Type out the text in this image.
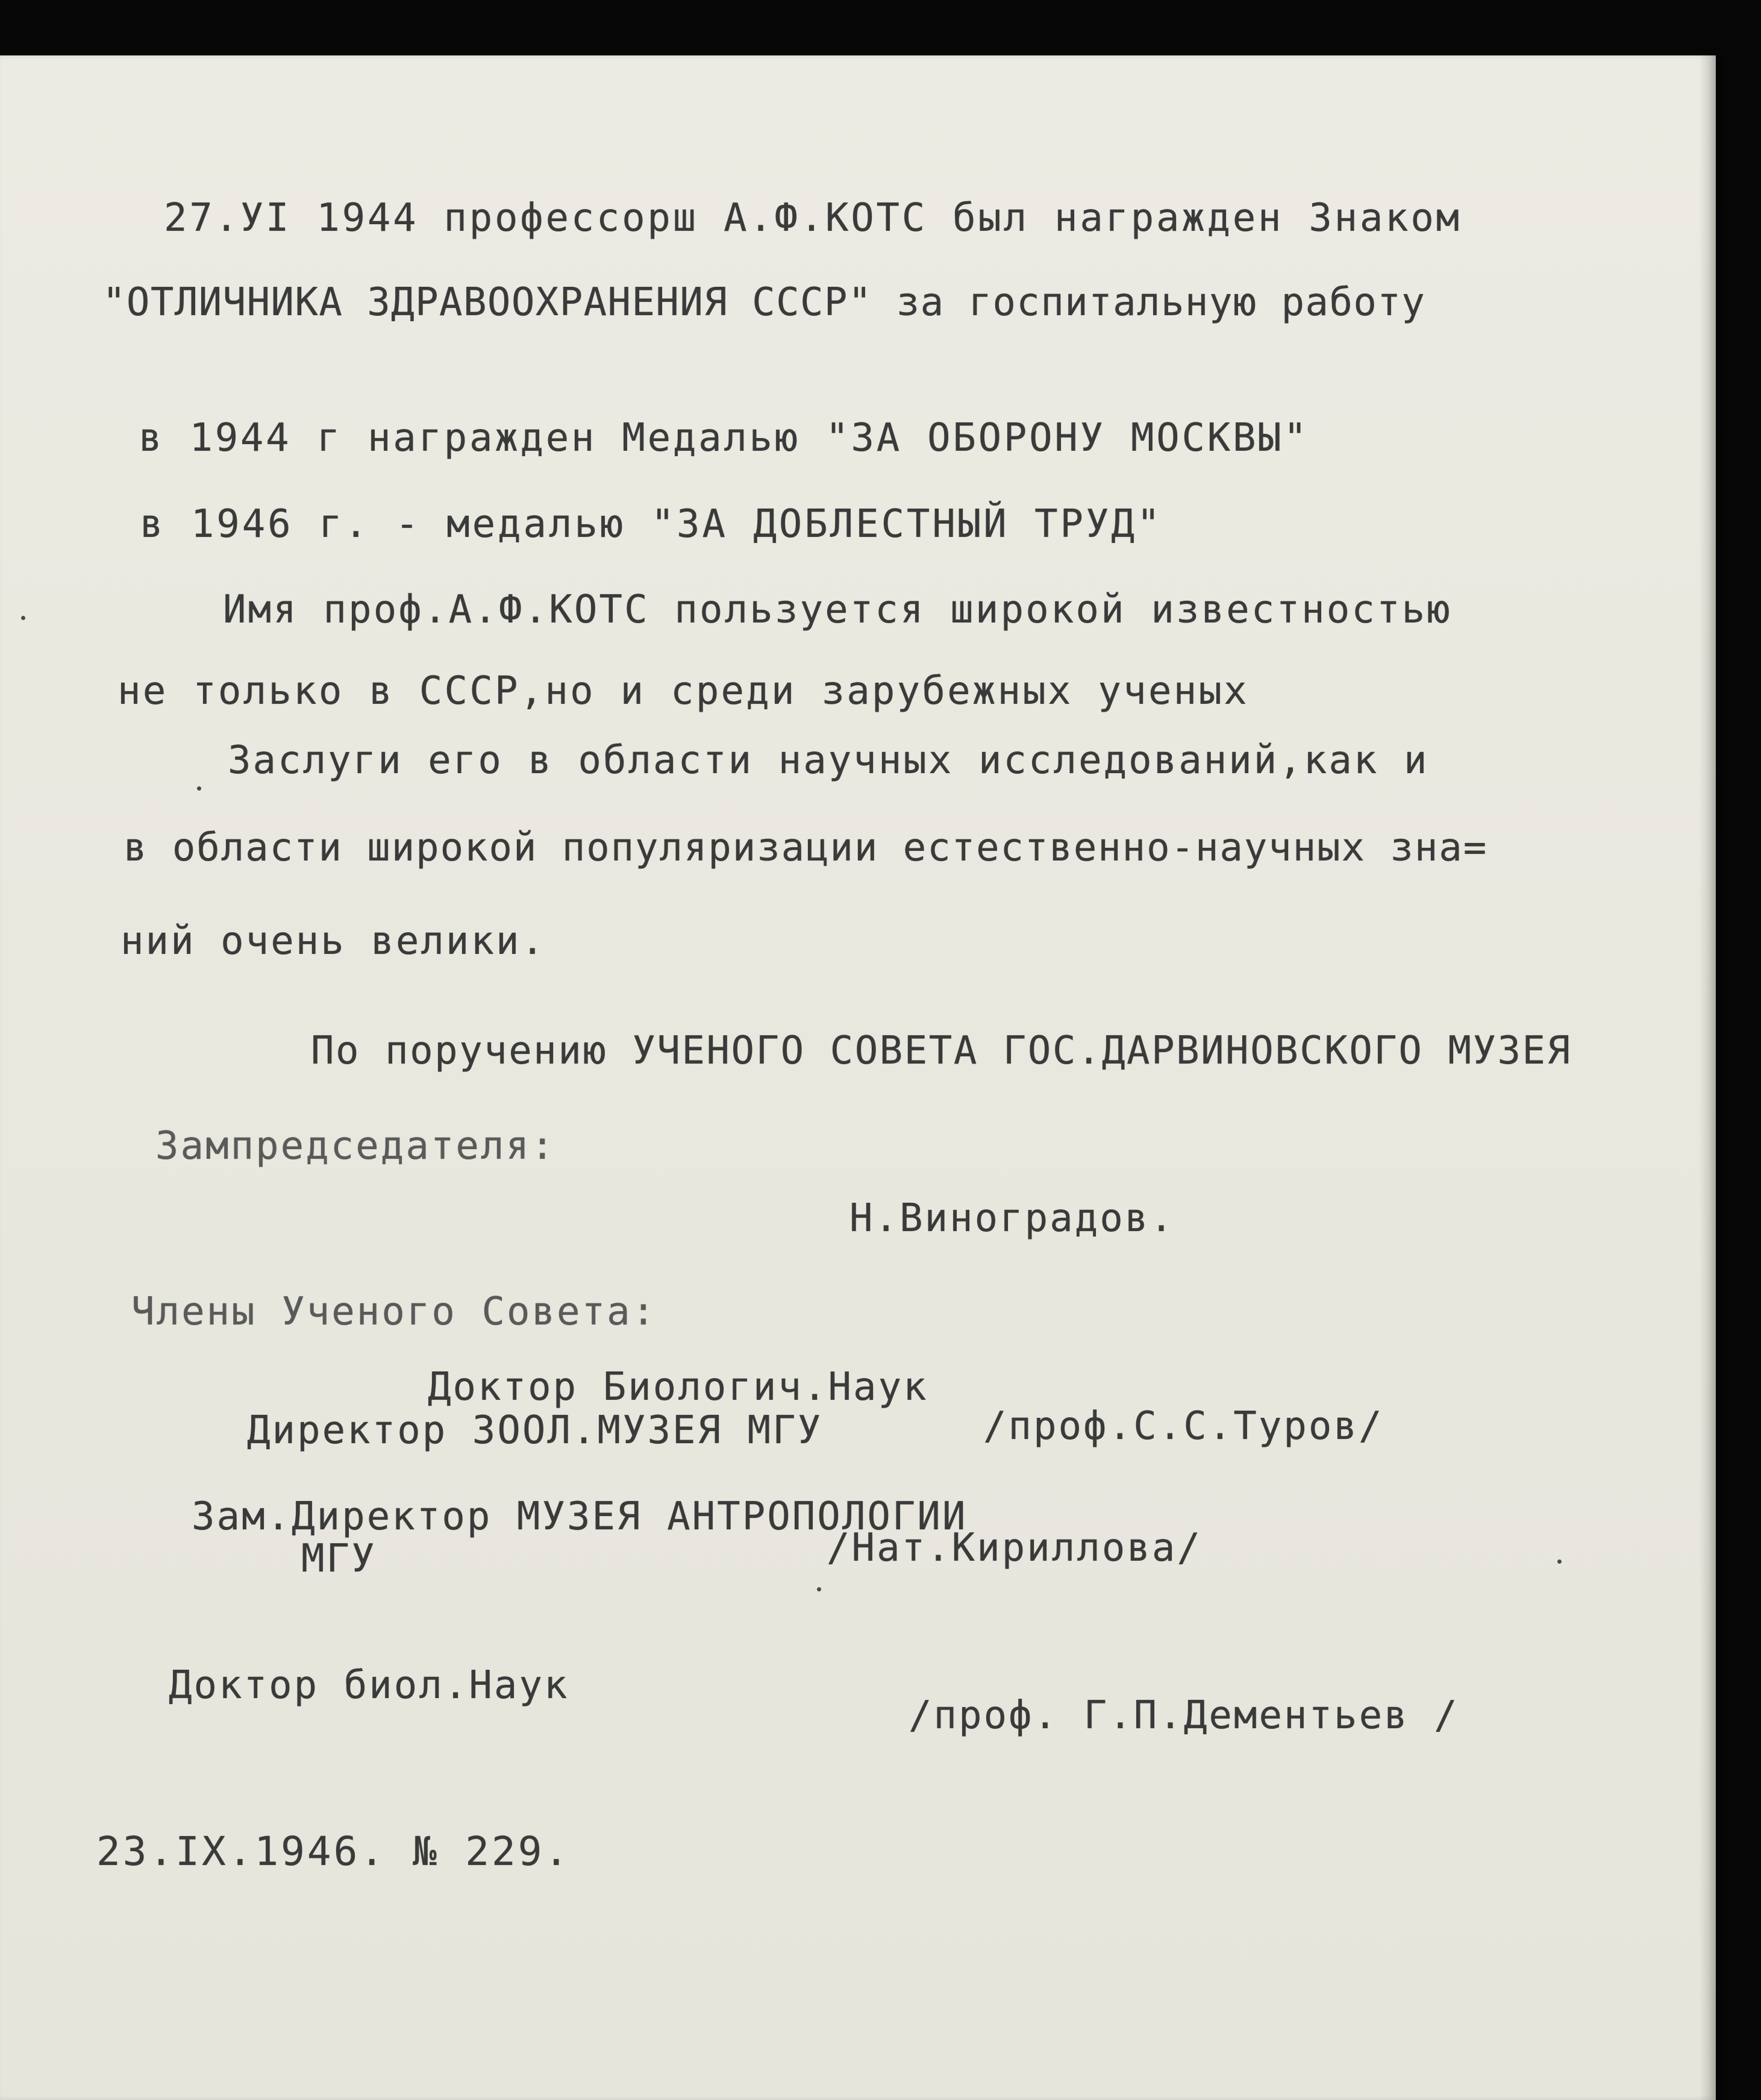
27.УI 1944 профессорш А.Ф.КОТС был награжден Знаком

"ОТЛИЧНИКА ЗДРАВООХРАНЕНИЯ СССР" за госпитальную работу

в 1944 г награжден Медалью "ЗА ОБОРОНУ МОСКВЫ"

в 1946 г. - медалью "ЗА ДОБЛЕСТНЫЙ ТРУД"

Имя проф.А.Ф.КОТС пользуется широкой известностью

не только в СССР,но и среди зарубежных ученых

Заслуги его в области научных исследований,как и

в области широкой популяризации естественно-научных зна=

ний очень велики.

По поручению УЧЕНОГО СОВЕТА ГОС.ДАРВИНОВСКОГО МУЗЕЯ

Зампредседателя:

Н.Виноградов.

Члены Ученого Совета:

Доктор Биологич.Наук

Директор ЗООЛ.МУЗЕЯ МГУ	/проф.С.С.Туров/

Зам.Директор МУЗЕЯ АНТРОПОЛОГИИ

МГУ	/Нат.Кириллова/

Доктор биол.Наук

/проф. Г.П.Дементьев /

23.IX.1946. № 229.
